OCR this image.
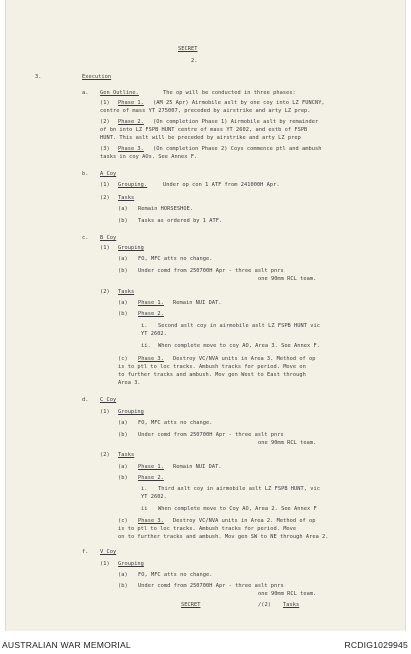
SECRET
2.
3.	Execution
a. Gen Outline.	The op will be conducted in three phases:
(1) Phase 1. (AM 25 Apr) Airmobile aslt by one coy into LZ FUNCNY,
centre of mass YT 275007, preceded by airstrike and arty LZ prep.
(2) Phase 2. (On completion Phase 1) Airmobile aslt by remainder
of bn into LZ FSPB HUNT centre of mass YT 2602, and estb of FSPB
HUNT. This aslt will be preceded by airstrike and arty LZ prep
(3) Phase 3. (On completion Phase 2) Coys commence ptl and ambush
tasks in coy AOs. See Annex F.
b. A Coy
(1) Grouping.	Under op con 1 ATF from 241000H Apr.
(2) Tasks
(a) Remain HORSESHOE.
(b) Tasks as ordered by 1 ATF.
c. B Coy
(1) Grouping
(a) FO, MFC atts no change.
(b) Under comd from 250700H Apr - three aslt pnrs
one 90mm RCL team.
(2) Tasks
(a) Phase 1. Remain NUI DAT.
(b) Phase 2.
i. Second aslt coy in airmobile aslt LZ FSPB HUNT vic
YT 2602.
ii. When complete move to coy AO, Area 3. See Annex F.
(c) Phase 3. Destroy VC/NVA units in Area 3. Method of op
is to ptl to loc tracks. Ambush tracks for period. Move on
to further tracks and ambush. Mov gen West to East through
Area 3.
d. C Coy
(1) Grouping
(a) FO, MFC atts no change.
(b) Under comd from 250700H Apr - three aslt pnrs
one 90mm RCL team.
(2) Tasks
(a) Phase 1. Remain NUI DAT.
(b) Phase 2.
i. Third aslt coy in airmobile aslt LZ FSPB HUNT, vic
YT 2602.
ii When complete move to Coy AO, Area 2. See Annex F
(c) Phase 3. Destroy VC/NVA units in Area 2. Method of op
is to ptl to loc tracks. Ambush tracks for period. Move
on to further tracks and ambush. Mov gen SW to NE through Area 2.
f. V Coy
(1) Grouping
(a) FO, MFC atts no change.
(b) Under comd from 250700H Apr - three aslt pnrs
one 90mm RCL team.
SECRET	/(2) Tasks
AUSTRALIAN WAR MEMORIAL	RCDIG1029945
